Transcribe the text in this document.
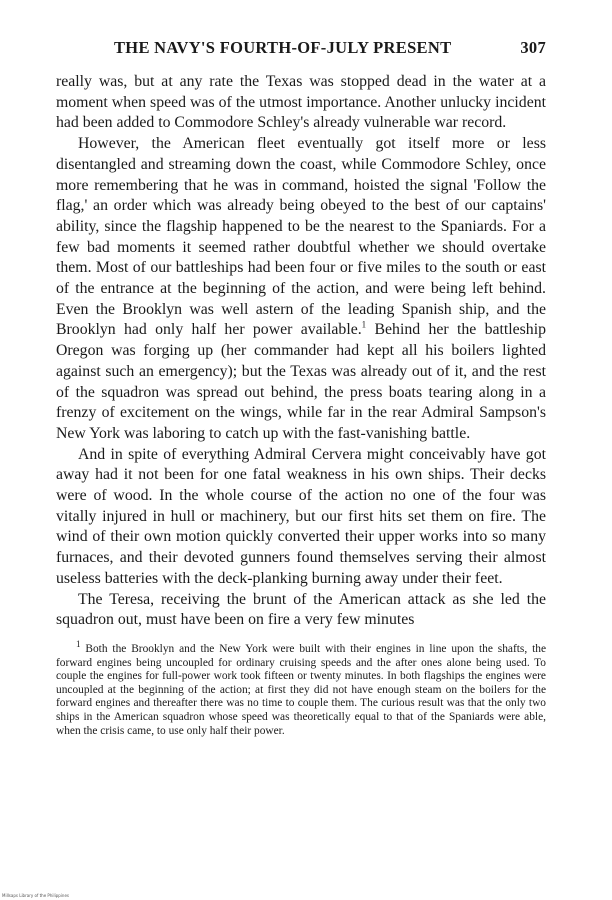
THE NAVY'S FOURTH-OF-JULY PRESENT	307

really was, but at any rate the Texas was stopped dead in the water at a moment when speed was of the utmost importance. Another unlucky incident had been added to Commodore Schley's already vulnerable war record.

However, the American fleet eventually got itself more or less disentangled and streaming down the coast, while Commodore Schley, once more remembering that he was in command, hoisted the signal 'Follow the flag,' an order which was already being obeyed to the best of our captains' ability, since the flagship happened to be the nearest to the Spaniards. For a few bad moments it seemed rather doubtful whether we should overtake them. Most of our battleships had been four or five miles to the south or east of the entrance at the beginning of the action, and were being left behind. Even the Brooklyn was well astern of the leading Spanish ship, and the Brooklyn had only half her power available.$^1$ Behind her the battleship Oregon was forging up (her commander had kept all his boilers lighted against such an emergency); but the Texas was already out of it, and the rest of the squadron was spread out behind, the press boats tearing along in a frenzy of excitement on the wings, while far in the rear Admiral Sampson's New York was laboring to catch up with the fast-vanishing battle.

And in spite of everything Admiral Cervera might conceivably have got away had it not been for one fatal weakness in his own ships. Their decks were of wood. In the whole course of the action no one of the four was vitally injured in hull or machinery, but our first hits set them on fire. The wind of their own motion quickly converted their upper works into so many furnaces, and their devoted gunners found themselves serving their almost useless batteries with the deck-planking burning away under their feet.

The Teresa, receiving the brunt of the American attack as she led the squadron out, must have been on fire a very few minutes

$^1$ Both the Brooklyn and the New York were built with their engines in line upon the shafts, the forward engines being uncoupled for ordinary cruising speeds and the after ones alone being used. To couple the engines for full-power work took fifteen or twenty minutes. In both flagships the engines were uncoupled at the beginning of the action; at first they did not have enough steam on the boilers for the forward engines and thereafter there was no time to couple them. The curious result was that the only two ships in the American squadron whose speed was theoretically equal to that of the Spaniards were able, when the crisis came, to use only half their power.
Millsaps Library of the Philippines
